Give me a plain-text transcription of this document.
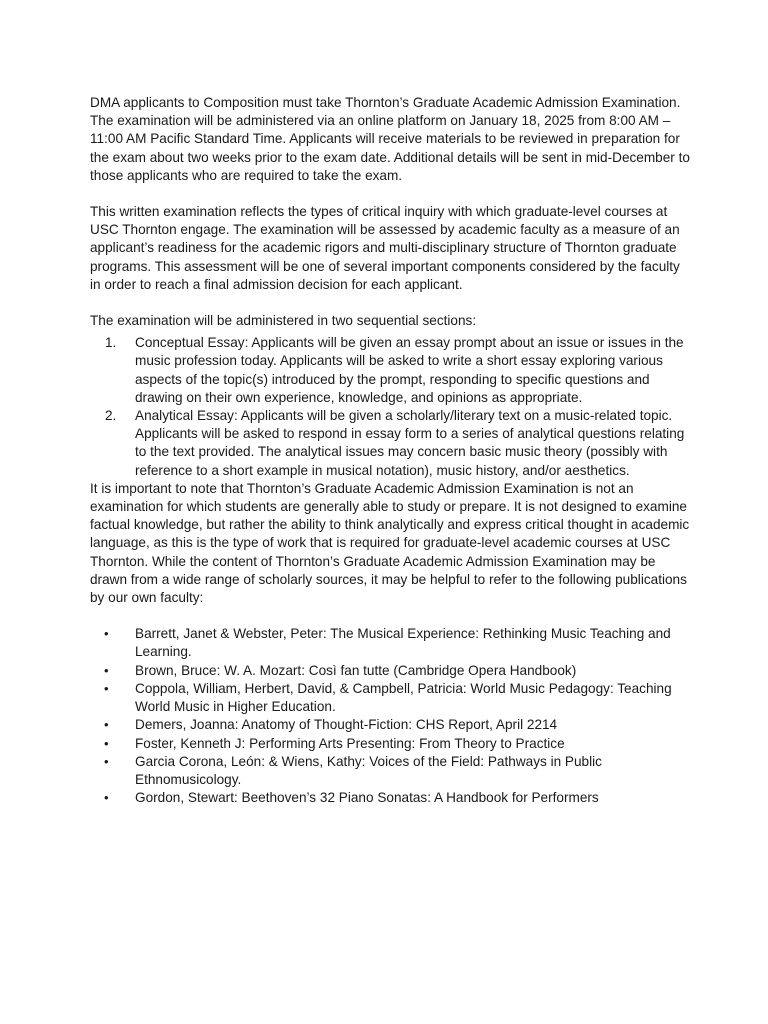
DMA applicants to Composition must take Thornton’s Graduate Academic Admission Examination. The examination will be administered via an online platform on January 18, 2025 from 8:00 AM – 11:00 AM Pacific Standard Time. Applicants will receive materials to be reviewed in preparation for the exam about two weeks prior to the exam date. Additional details will be sent in mid-December to those applicants who are required to take the exam.

This written examination reflects the types of critical inquiry with which graduate-level courses at USC Thornton engage. The examination will be assessed by academic faculty as a measure of an applicant’s readiness for the academic rigors and multi-disciplinary structure of Thornton graduate programs. This assessment will be one of several important components considered by the faculty in order to reach a final admission decision for each applicant.

The examination will be administered in two sequential sections:

1. Conceptual Essay: Applicants will be given an essay prompt about an issue or issues in the music profession today. Applicants will be asked to write a short essay exploring various aspects of the topic(s) introduced by the prompt, responding to specific questions and drawing on their own experience, knowledge, and opinions as appropriate.
2. Analytical Essay: Applicants will be given a scholarly/literary text on a music-related topic. Applicants will be asked to respond in essay form to a series of analytical questions relating to the text provided. The analytical issues may concern basic music theory (possibly with reference to a short example in musical notation), music history, and/or aesthetics.

It is important to note that Thornton’s Graduate Academic Admission Examination is not an examination for which students are generally able to study or prepare. It is not designed to examine factual knowledge, but rather the ability to think analytically and express critical thought in academic language, as this is the type of work that is required for graduate-level academic courses at USC Thornton. While the content of Thornton’s Graduate Academic Admission Examination may be drawn from a wide range of scholarly sources, it may be helpful to refer to the following publications by our own faculty:

• Barrett, Janet & Webster, Peter: The Musical Experience: Rethinking Music Teaching and Learning.
• Brown, Bruce: W. A. Mozart: Così fan tutte (Cambridge Opera Handbook)
• Coppola, William, Herbert, David, & Campbell, Patricia: World Music Pedagogy: Teaching World Music in Higher Education.
• Demers, Joanna: Anatomy of Thought-Fiction: CHS Report, April 2214
• Foster, Kenneth J: Performing Arts Presenting: From Theory to Practice
• Garcia Corona, León: & Wiens, Kathy: Voices of the Field: Pathways in Public Ethnomusicology.
• Gordon, Stewart: Beethoven’s 32 Piano Sonatas: A Handbook for Performers
